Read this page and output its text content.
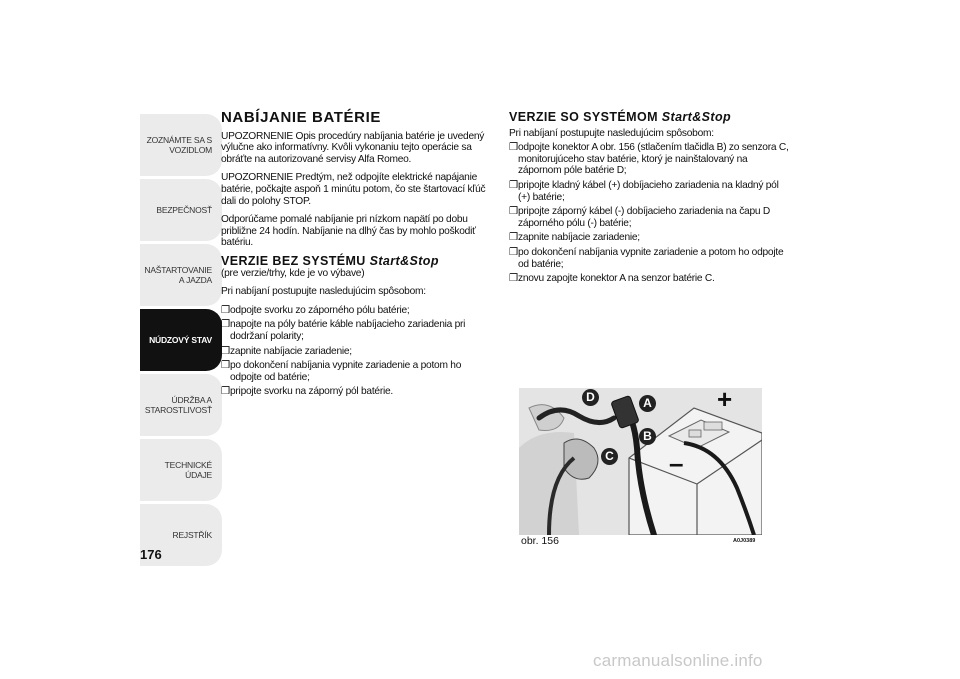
ZOZNÁMTE SA S VOZIDLOM
BEZPEČNOSŤ
NAŠTARTOVANIE A JAZDA
NÚDZOVÝ STAV
ÚDRŽBA A STAROSTLIVOSŤ
TECHNICKÉ ÚDAJE
REJSTŘÍK
176
NABÍJANIE BATÉRIE

UPOZORNENIE Opis procedúry nabíjania batérie je uvedený výlučne ako informatívny. Kvôli vykonaniu tejto operácie sa obráťte na autorizované servisy Alfa Romeo.

UPOZORNENIE Predtým, než odpojíte elektrické napájanie batérie, počkajte aspoň 1 minútu potom, čo ste štartovací kľúč dali do polohy STOP.

Odporúčame pomalé nabíjanie pri nízkom napätí po dobu približne 24 hodín. Nabíjanie na dlhý čas by mohlo poškodiť batériu.

VERZIE BEZ SYSTÉMU Start&Stop
(pre verzie/trhy, kde je vo výbave)

Pri nabíjaní postupujte nasledujúcim spôsobom:

❒ odpojte svorku zo záporného pólu batérie;
❒ napojte na póly batérie káble nabíjacieho zariadenia pri dodržaní polarity;
❒ zapnite nabíjacie zariadenie;
❒ po dokončení nabíjania vypnite zariadenie a potom ho odpojte od batérie;
❒ pripojte svorku na záporný pól batérie.
VERZIE SO SYSTÉMOM Start&Stop

Pri nabíjaní postupujte nasledujúcim spôsobom:

❒ odpojte konektor A obr. 156 (stlačením tlačidla B) zo senzora C, monitorujúceho stav batérie, ktorý je nainštalovaný na zápornom póle batérie D;
❒ pripojte kladný kábel (+) dobíjacieho zariadenia na kladný pól (+) batérie;
❒ pripojte záporný kábel (-) dobíjacieho zariadenia na čapu D záporného pólu (-) batérie;
❒ zapnite nabíjacie zariadenie;
❒ po dokončení nabíjania vypnite zariadenie a potom ho odpojte od batérie;
❒ znovu zapojte konektor A na senzor batérie C.
D	A
B
C
+
–
obr. 156	A0J0389
carmanualsonline.info
